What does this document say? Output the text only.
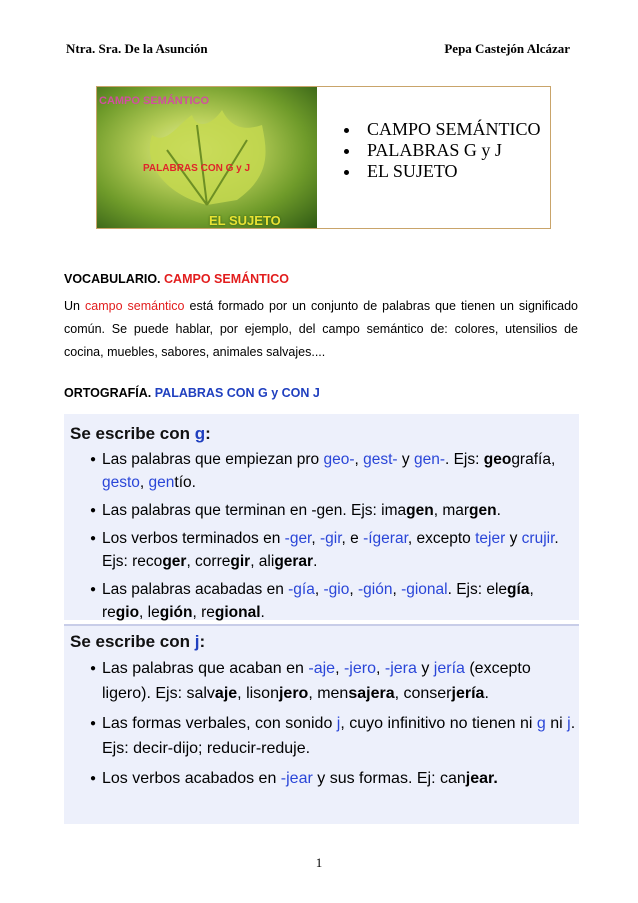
Ntra. Sra. De la Asunción	Pepa Castejón Alcázar
CAMPO SEMÁNTICO
PALABRAS CON G y J
EL SUJETO
• CAMPO SEMÁNTICO
• PALABRAS G y J
• EL SUJETO
VOCABULARIO. CAMPO SEMÁNTICO
Un campo semántico está formado por un conjunto de palabras que tienen un significado común. Se puede hablar, por ejemplo, del campo semántico de: colores, utensilios de cocina, muebles, sabores, animales salvajes....
ORTOGRAFÍA. PALABRAS CON G y CON J
Se escribe con g:
● Las palabras que empiezan pro geo-, gest- y gen-. Ejs: geografía, gesto, gentío.
● Las palabras que terminan en -gen. Ejs: imagen, margen.
● Los verbos terminados en -ger, -gir, e -ígerar, excepto tejer y crujir. Ejs: recoger, corregir, aligerar.
● Las palabras acabadas en -gía, -gio, -gión, -gional. Ejs: elegía, regio, legión, regional.
Se escribe con j:
● Las palabras que acaban en -aje, -jero, -jera y jería (excepto ligero). Ejs: salvaje, lisonjero, mensajera, conserjería.
● Las formas verbales, con sonido j, cuyo infinitivo no tienen ni g ni j. Ejs: decir-dijo; reducir-reduje.
● Los verbos acabados en -jear y sus formas. Ej: canjear.
1
